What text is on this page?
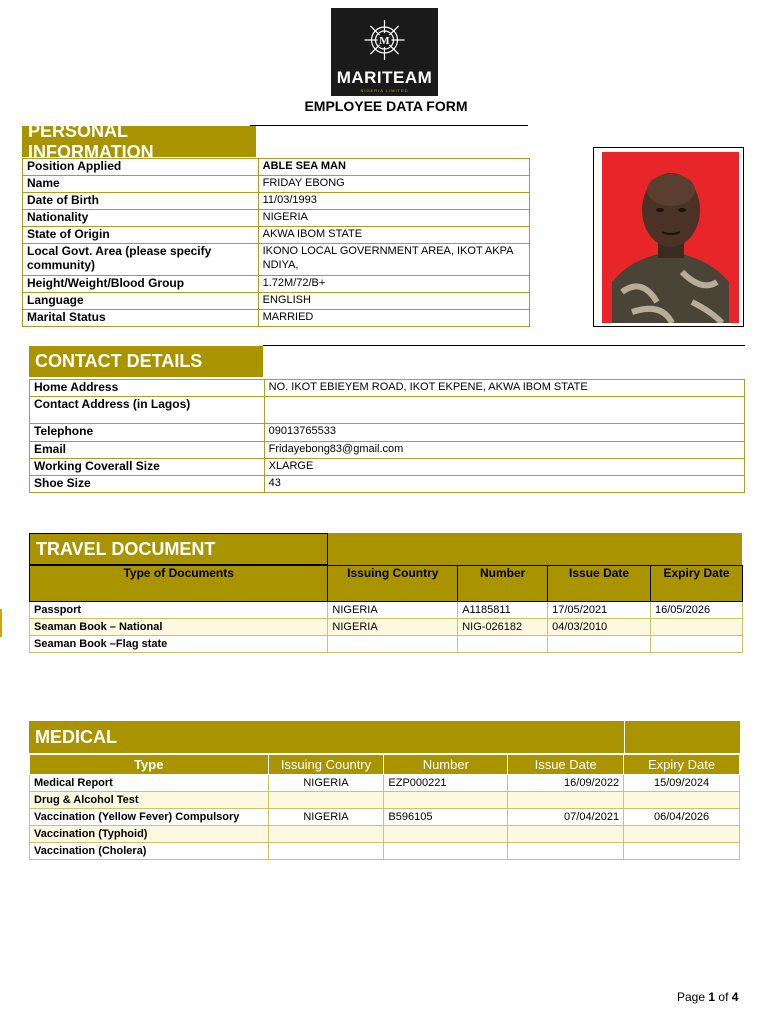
M
MARITEAM
NIGERIA LIMITED
EMPLOYEE DATA FORM
PERSONAL INFORMATION
Position Applied	ABLE SEA MAN
Name	FRIDAY EBONG
Date of Birth	11/03/1993
Nationality	NIGERIA
State of Origin	AKWA IBOM STATE
Local Govt. Area (please specify community)	IKONO LOCAL GOVERNMENT AREA, IKOT AKPA NDIYA,
Height/Weight/Blood Group	1.72M/72/B+
Language	ENGLISH
Marital Status	MARRIED
CONTACT DETAILS
Home Address	NO. IKOT EBIEYEM ROAD, IKOT EKPENE, AKWA IBOM STATE
Contact Address (in Lagos)	
Telephone	09013765533
Email	Fridayebong83@gmail.com
Working Coverall Size	XLARGE
Shoe Size	43
TRAVEL DOCUMENT
Type of Documents	Issuing Country	Number	Issue Date	Expiry Date
Passport	NIGERIA	A1185811	17/05/2021	16/05/2026
Seaman Book – National	NIGERIA	NIG-026182	04/03/2010	
Seaman Book –Flag state				
MEDICAL
Type	Issuing Country	Number	Issue Date	Expiry Date
Medical Report	NIGERIA	EZP000221	16/09/2022	15/09/2024
Drug & Alcohol Test				
Vaccination (Yellow Fever) Compulsory	NIGERIA	B596105	07/04/2021	06/04/2026
Vaccination (Typhoid)				
Vaccination (Cholera)				
Page 1 of 4
